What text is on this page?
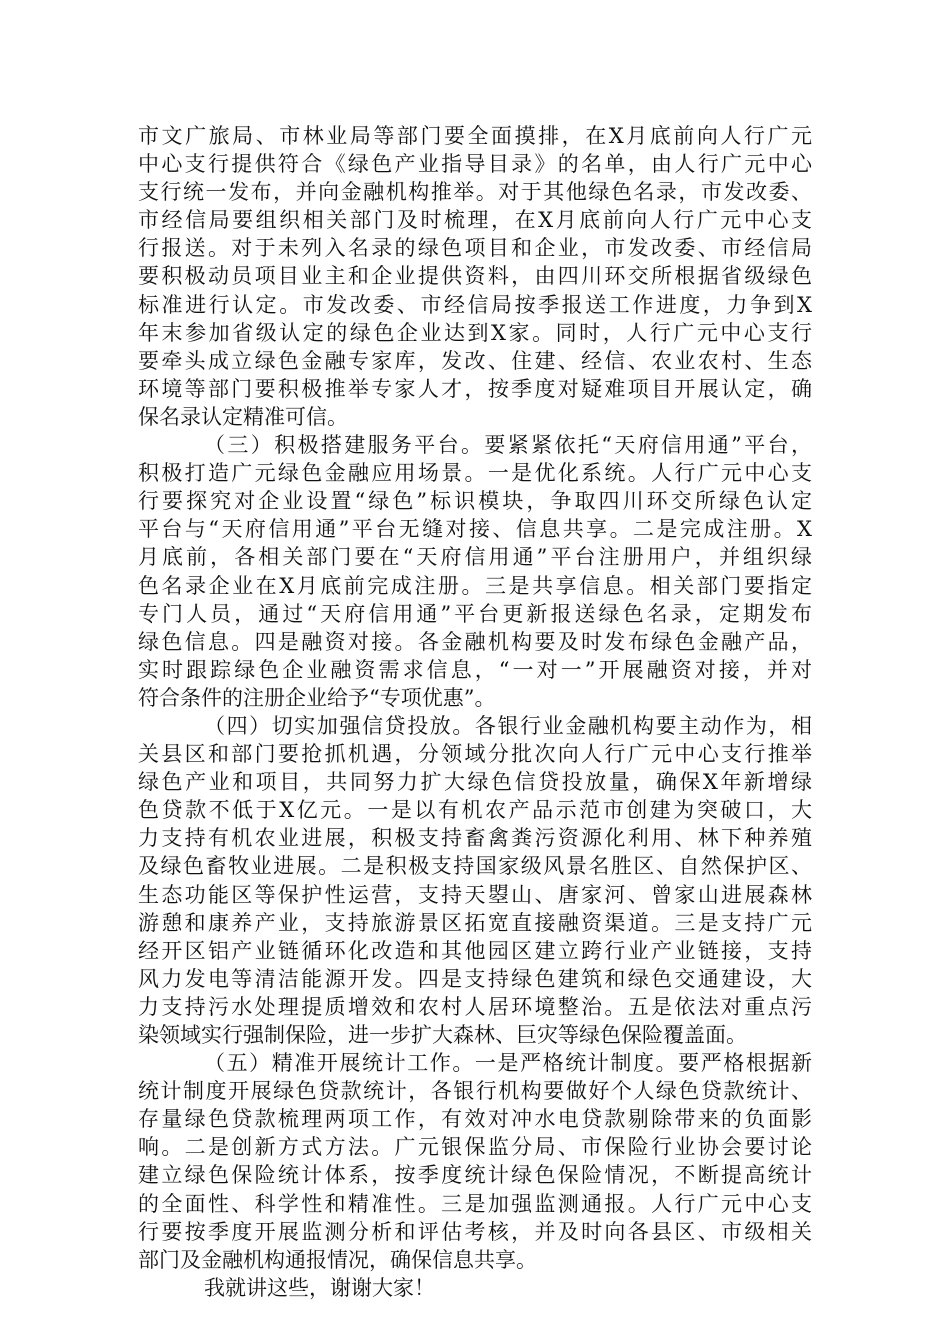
市文广旅局、市林业局等部门要全面摸排，在X月底前向人行广元
中心支行提供符合《绿色产业指导目录》的名单，由人行广元中心
支行统一发布，并向金融机构推举。对于其他绿色名录，市发改委、
市经信局要组织相关部门及时梳理，在X月底前向人行广元中心支
行报送。对于未列入名录的绿色项目和企业，市发改委、市经信局
要积极动员项目业主和企业提供资料，由四川环交所根据省级绿色
标准进行认定。市发改委、市经信局按季报送工作进度，力争到X
年末参加省级认定的绿色企业达到X家。同时，人行广元中心支行
要牵头成立绿色金融专家库，发改、住建、经信、农业农村、生态
环境等部门要积极推举专家人才，按季度对疑难项目开展认定，确
保名录认定精准可信。
（三）积极搭建服务平台。要紧紧依托“天府信用通”平台，
积极打造广元绿色金融应用场景。一是优化系统。人行广元中心支
行要探究对企业设置“绿色”标识模块，争取四川环交所绿色认定
平台与“天府信用通”平台无缝对接、信息共享。二是完成注册。X
月底前，各相关部门要在“天府信用通”平台注册用户，并组织绿
色名录企业在X月底前完成注册。三是共享信息。相关部门要指定
专门人员，通过“天府信用通”平台更新报送绿色名录，定期发布
绿色信息。四是融资对接。各金融机构要及时发布绿色金融产品，
实时跟踪绿色企业融资需求信息，“一对一”开展融资对接，并对
符合条件的注册企业给予“专项优惠”。
（四）切实加强信贷投放。各银行业金融机构要主动作为，相
关县区和部门要抢抓机遇，分领域分批次向人行广元中心支行推举
绿色产业和项目，共同努力扩大绿色信贷投放量，确保X年新增绿
色贷款不低于X亿元。一是以有机农产品示范市创建为突破口，大
力支持有机农业进展，积极支持畜禽粪污资源化利用、林下种养殖
及绿色畜牧业进展。二是积极支持国家级风景名胜区、自然保护区、
生态功能区等保护性运营，支持天曌山、唐家河、曾家山进展森林
游憩和康养产业，支持旅游景区拓宽直接融资渠道。三是支持广元
经开区铝产业链循环化改造和其他园区建立跨行业产业链接，支持
风力发电等清洁能源开发。四是支持绿色建筑和绿色交通建设，大
力支持污水处理提质增效和农村人居环境整治。五是依法对重点污
染领域实行强制保险，进一步扩大森林、巨灾等绿色保险覆盖面。
（五）精准开展统计工作。一是严格统计制度。要严格根据新
统计制度开展绿色贷款统计，各银行机构要做好个人绿色贷款统计、
存量绿色贷款梳理两项工作，有效对冲水电贷款剔除带来的负面影
响。二是创新方式方法。广元银保监分局、市保险行业协会要讨论
建立绿色保险统计体系，按季度统计绿色保险情况，不断提高统计
的全面性、科学性和精准性。三是加强监测通报。人行广元中心支
行要按季度开展监测分析和评估考核，并及时向各县区、市级相关
部门及金融机构通报情况，确保信息共享。
我就讲这些，谢谢大家！
